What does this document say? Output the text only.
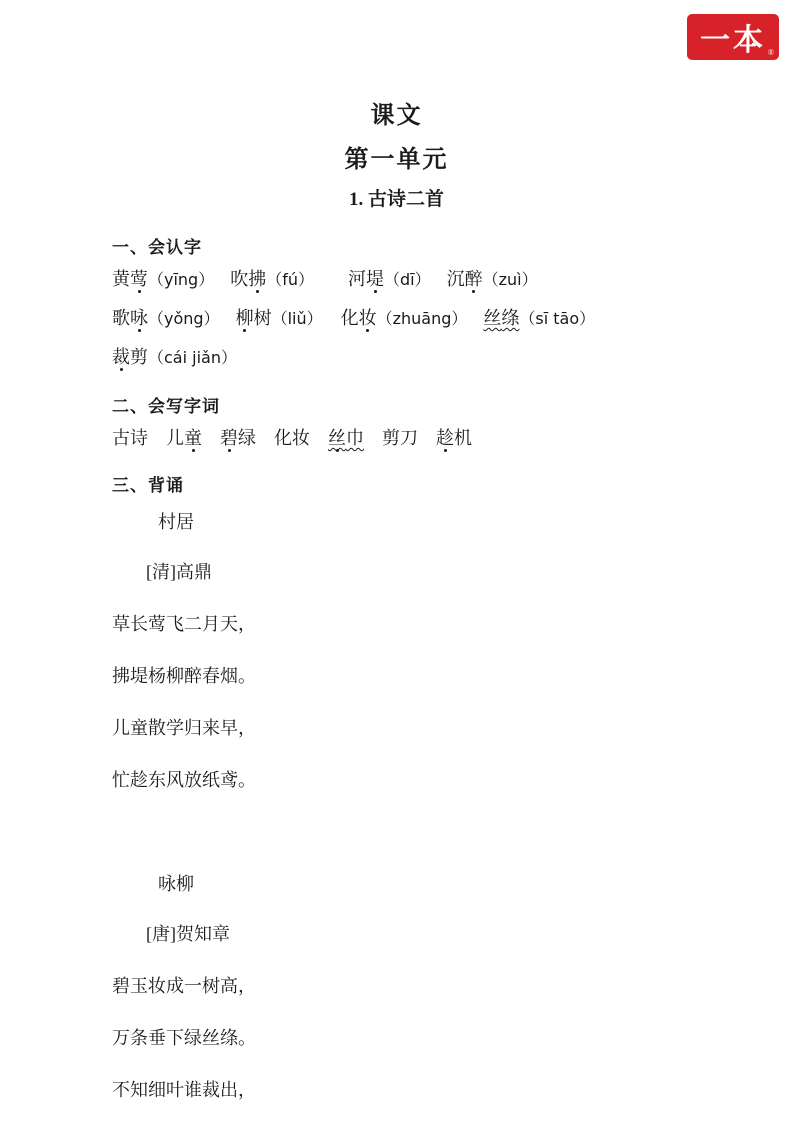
一本 ®
课文
第一单元
1. 古诗二首
一、会认字
黄莺（yīng） 吹拂（fú） 河堤（dī） 沉醉（zuì）
歌咏（yǒng） 柳树（liǔ） 化妆（zhuāng） 丝绦（sī tāo）
裁剪（cái jiǎn）
二、会写字词
古诗 儿童 碧绿 化妆 丝巾 剪刀 趁机
三、背诵
村居
[清]高鼎
草长莺飞二月天，
拂堤杨柳醉春烟。
儿童散学归来早，
忙趁东风放纸鸢。
咏柳
[唐]贺知章
碧玉妆成一树高，
万条垂下绿丝绦。
不知细叶谁裁出，
